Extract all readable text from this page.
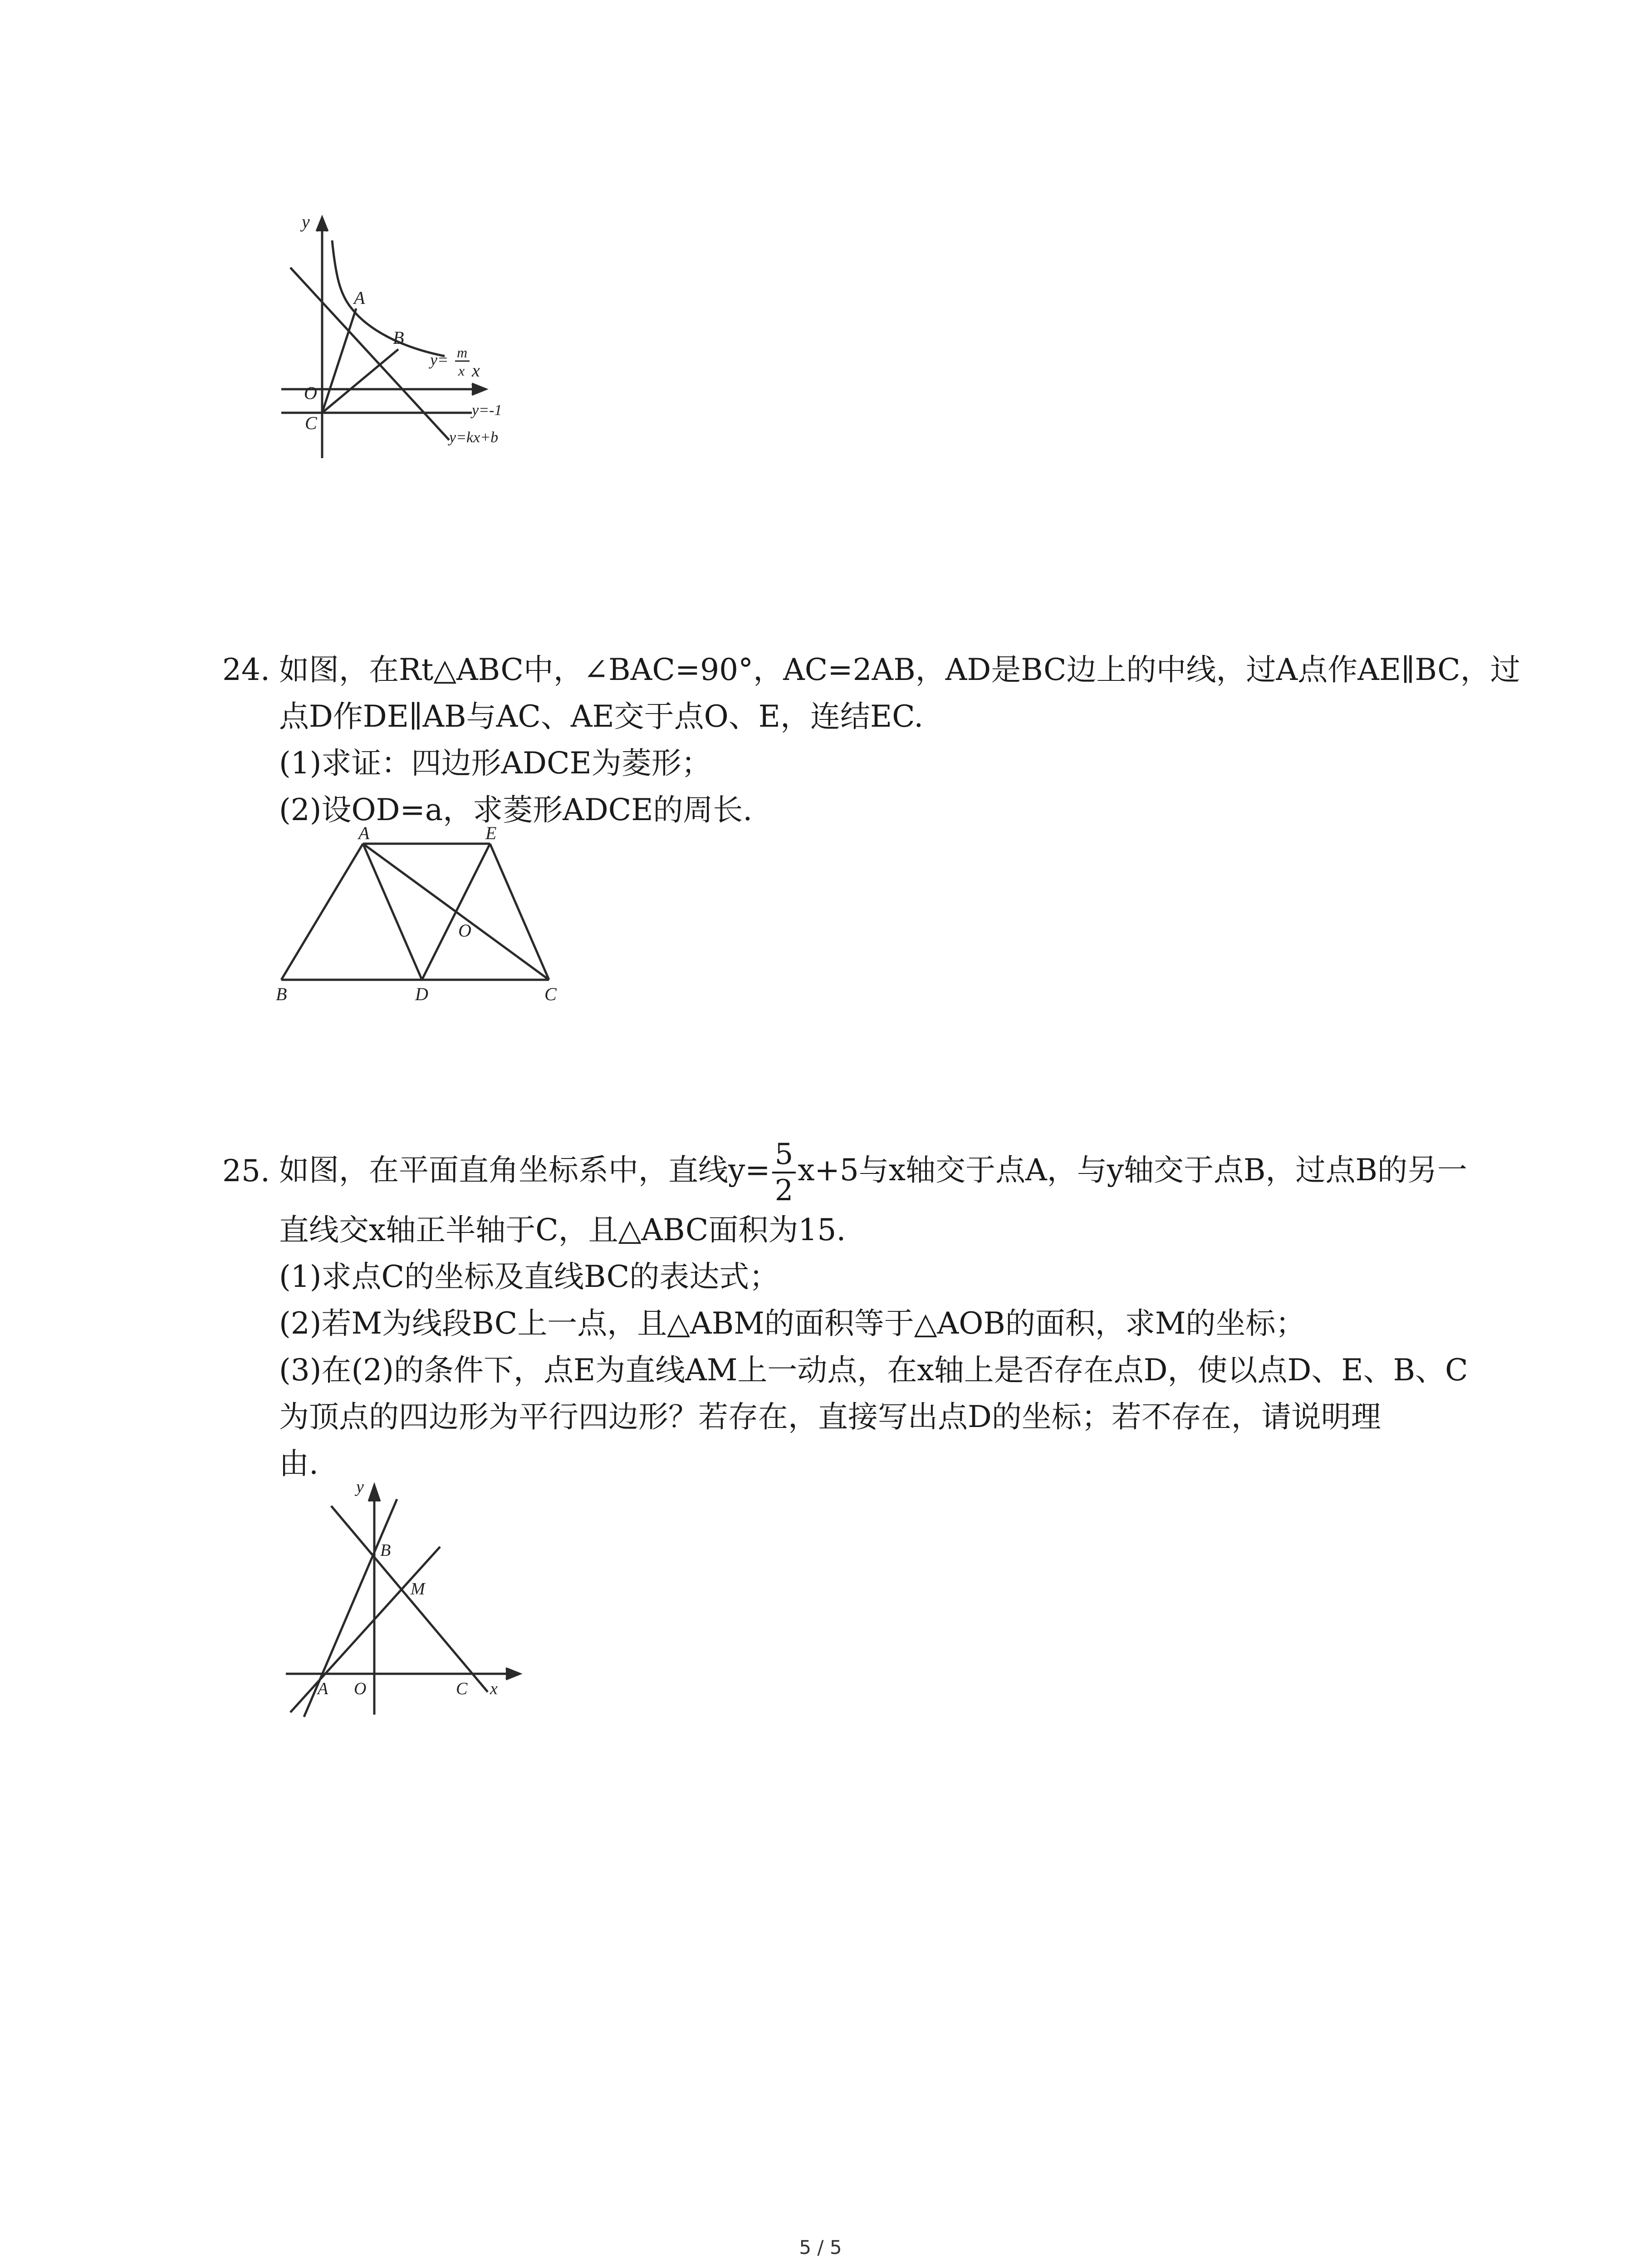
y
x
A
B
O
C
y= m
x
y=-1
y=kx+b
24. 如图，在Rt△ABC中，∠BAC=90°，AC=2AB，AD是BC边上的中线，过A点作AE∥BC，过
点D作DE∥AB与AC、AE交于点O、E，连结EC.
(1)求证：四边形ADCE为菱形；
(2)设OD=a，求菱形ADCE的周长.
A	E
O
B	D	C
25. 如图，在平面直角坐标系中，直线$y= \frac{5}{2} x+5$与x轴交于点A，与y轴交于点B，过点B的另一
直线交x轴正半轴于C，且△ABC面积为15.
(1)求点C的坐标及直线BC的表达式；
(2)若M为线段BC上一点，且△ABM的面积等于△AOB的面积，求M的坐标；
(3)在(2)的条件下，点E为直线AM上一动点，在x轴上是否存在点D，使以点D、E、B、C
为顶点的四边形为平行四边形？若存在，直接写出点D的坐标；若不存在，请说明理
由.
y
B
M
A O	C x
5 / 5
